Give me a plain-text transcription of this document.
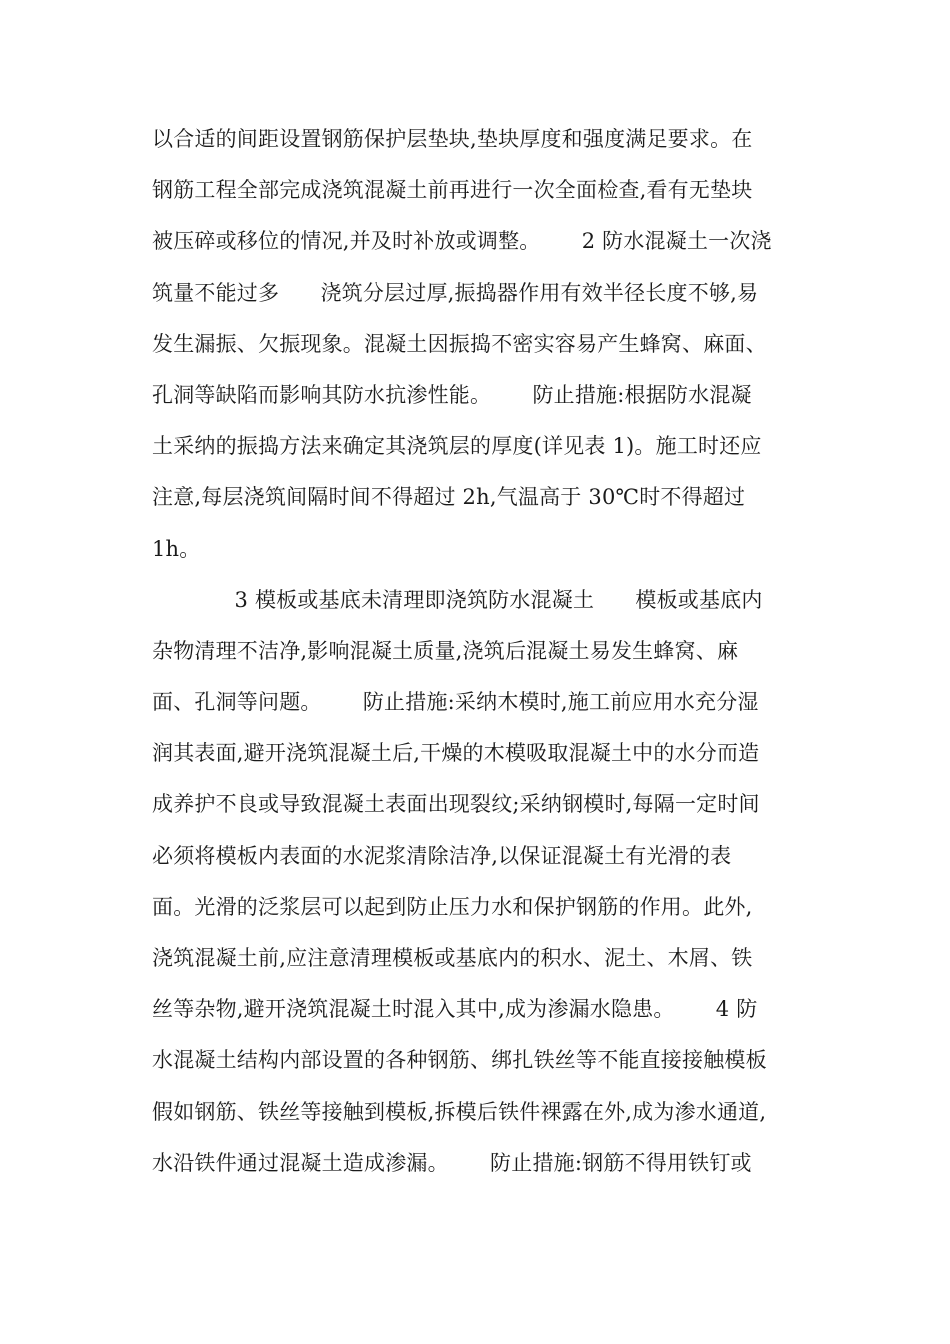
以合适的间距设置钢筋保护层垫块,垫块厚度和强度满足要求。在
钢筋工程全部完成浇筑混凝土前再进行一次全面检查,看有无垫块
被压碎或移位的情况,并及时补放或调整。      2 防水混凝土一次浇
筑量不能过多      浇筑分层过厚,振捣器作用有效半径长度不够,易
发生漏振、欠振现象。混凝土因振捣不密实容易产生蜂窝、麻面、
孔洞等缺陷而影响其防水抗渗性能。      防止措施:根据防水混凝
土采纳的振捣方法来确定其浇筑层的厚度(详见表 1)。施工时还应
注意,每层浇筑间隔时间不得超过 2h,气温高于 30℃时不得超过
1h。
3 模板或基底未清理即浇筑防水混凝土      模板或基底内
杂物清理不洁净,影响混凝土质量,浇筑后混凝土易发生蜂窝、麻
面、孔洞等问题。      防止措施:采纳木模时,施工前应用水充分湿
润其表面,避开浇筑混凝土后,干燥的木模吸取混凝土中的水分而造
成养护不良或导致混凝土表面出现裂纹;采纳钢模时,每隔一定时间
必须将模板内表面的水泥浆清除洁净,以保证混凝土有光滑的表
面。光滑的泛浆层可以起到防止压力水和保护钢筋的作用。此外,
浇筑混凝土前,应注意清理模板或基底内的积水、泥土、木屑、铁
丝等杂物,避开浇筑混凝土时混入其中,成为渗漏水隐患。      4 防
水混凝土结构内部设置的各种钢筋、绑扎铁丝等不能直接接触模板
假如钢筋、铁丝等接触到模板,拆模后铁件裸露在外,成为渗水通道,
水沿铁件通过混凝土造成渗漏。      防止措施:钢筋不得用铁钉或
